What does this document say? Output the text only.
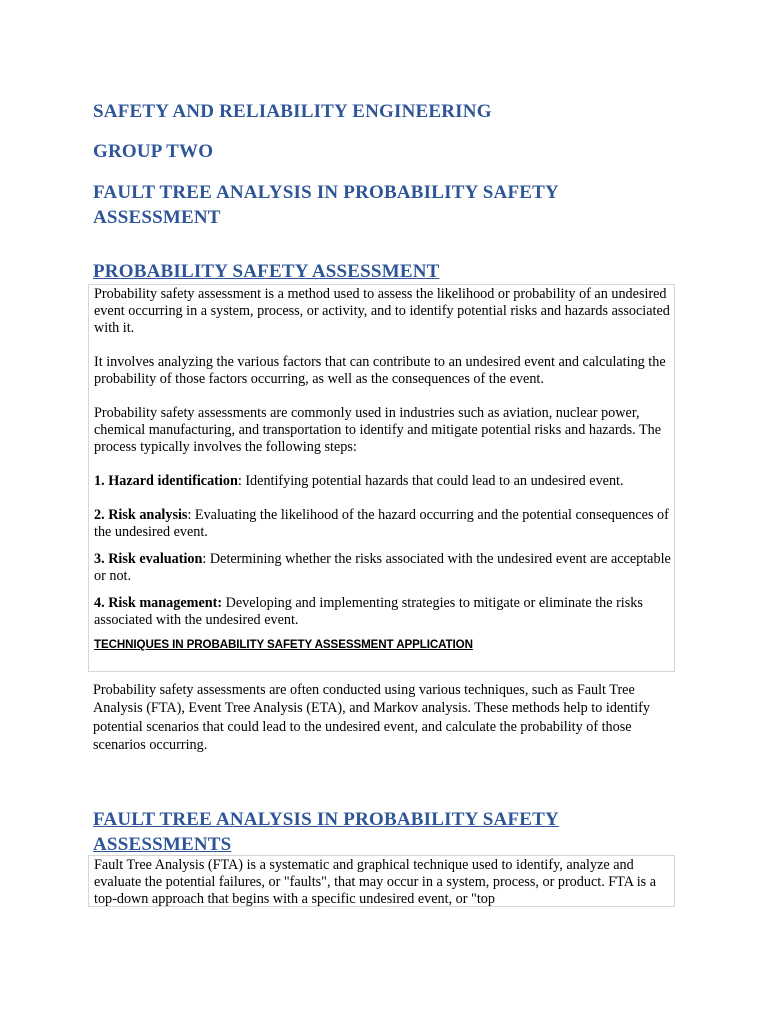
SAFETY AND RELIABILITY ENGINEERING
GROUP TWO
FAULT TREE ANALYSIS IN PROBABILITY SAFETY ASSESSMENT
PROBABILITY SAFETY ASSESSMENT

Probability safety assessment is a method used to assess the likelihood or probability of an undesired event occurring in a system, process, or activity, and to identify potential risks and hazards associated with it.

It involves analyzing the various factors that can contribute to an undesired event and calculating the probability of those factors occurring, as well as the consequences of the event.

Probability safety assessments are commonly used in industries such as aviation, nuclear power, chemical manufacturing, and transportation to identify and mitigate potential risks and hazards. The process typically involves the following steps:

1. Hazard identification: Identifying potential hazards that could lead to an undesired event.

2. Risk analysis: Evaluating the likelihood of the hazard occurring and the potential consequences of the undesired event.

3. Risk evaluation: Determining whether the risks associated with the undesired event are acceptable or not.

4. Risk management: Developing and implementing strategies to mitigate or eliminate the risks associated with the undesired event.

TECHNIQUES IN PROBABILITY SAFETY ASSESSMENT APPLICATION

Probability safety assessments are often conducted using various techniques, such as Fault Tree Analysis (FTA), Event Tree Analysis (ETA), and Markov analysis. These methods help to identify potential scenarios that could lead to the undesired event, and calculate the probability of those scenarios occurring.

FAULT TREE ANALYSIS IN PROBABILITY SAFETY ASSESSMENTS

Fault Tree Analysis (FTA) is a systematic and graphical technique used to identify, analyze and evaluate the potential failures, or "faults", that may occur in a system, process, or product. FTA is a top-down approach that begins with a specific undesired event, or "top
